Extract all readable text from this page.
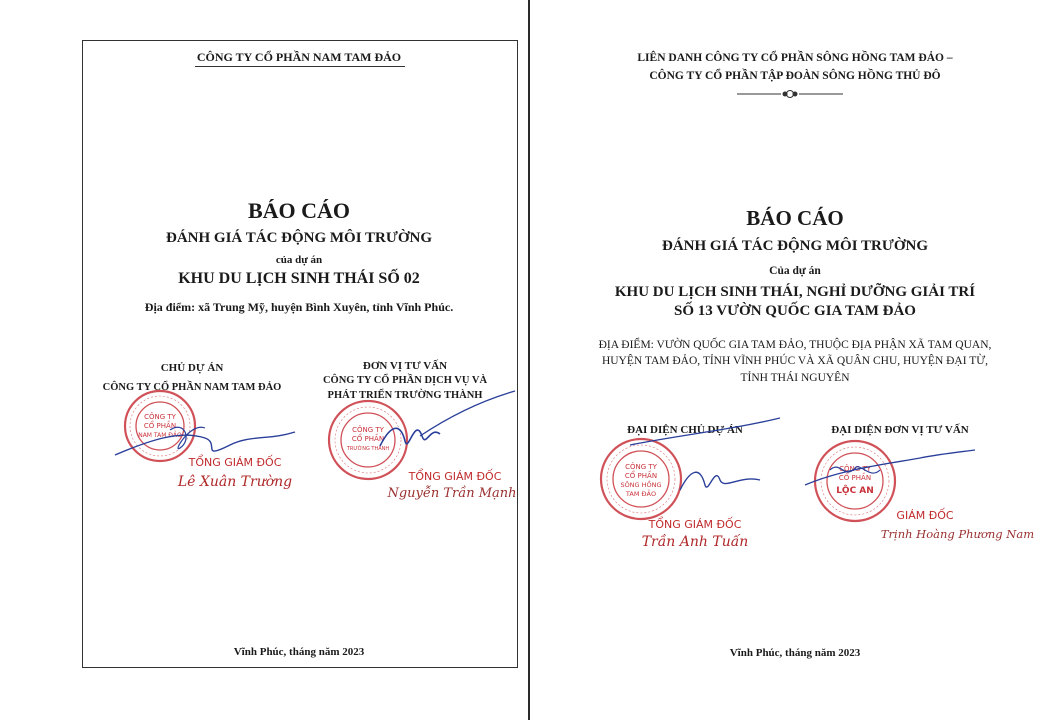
CÔNG TY CỔ PHẦN NAM TAM ĐẢO
BÁO CÁO
ĐÁNH GIÁ TÁC ĐỘNG MÔI TRƯỜNG
của dự án
KHU DU LỊCH SINH THÁI SỐ 02
Địa điểm: xã Trung Mỹ, huyện Bình Xuyên, tỉnh Vĩnh Phúc.
CHỦ DỰ ÁN
CÔNG TY CỔ PHẦN NAM TAM ĐẢO
ĐƠN VỊ TƯ VẤN
CÔNG TY CỔ PHẦN DỊCH VỤ VÀ
PHÁT TRIỂN TRƯỜNG THÀNH
CÔNG TY
CỔ PHẦN
NAM TAM ĐẢO
TỔNG GIÁM ĐỐC
Lê Xuân Trường
CÔNG TY
CỔ PHẦN
TRƯỜNG THÀNH
TỔNG GIÁM ĐỐC
Nguyễn Trần Mạnh
Vĩnh Phúc, tháng năm 2023
LIÊN DANH CÔNG TY CỔ PHẦN SÔNG HỒNG TAM ĐẢO –
CÔNG TY CỔ PHẦN TẬP ĐOÀN SÔNG HỒNG THỦ ĐÔ
BÁO CÁO
ĐÁNH GIÁ TÁC ĐỘNG MÔI TRƯỜNG
Của dự án
KHU DU LỊCH SINH THÁI, NGHỈ DƯỠNG GIẢI TRÍ
SỐ 13 VƯỜN QUỐC GIA TAM ĐẢO
ĐỊA ĐIỂM: VƯỜN QUỐC GIA TAM ĐẢO, THUỘC ĐỊA PHẬN XÃ TAM QUAN,
HUYỆN TAM ĐẢO, TỈNH VĨNH PHÚC VÀ XÃ QUÂN CHU, HUYỆN ĐẠI TỪ,
TỈNH THÁI NGUYÊN
ĐẠI DIỆN CHỦ DỰ ÁN	ĐẠI DIỆN ĐƠN VỊ TƯ VẤN
CÔNG TY
CỔ PHẦN
SÔNG HỒNG
TAM ĐẢO
TỔNG GIÁM ĐỐC
Trần Anh Tuấn
CÔNG TY
CỔ PHẦN
LỘC AN
GIÁM ĐỐC
Trịnh Hoàng Phương Nam
Vĩnh Phúc, tháng năm 2023
